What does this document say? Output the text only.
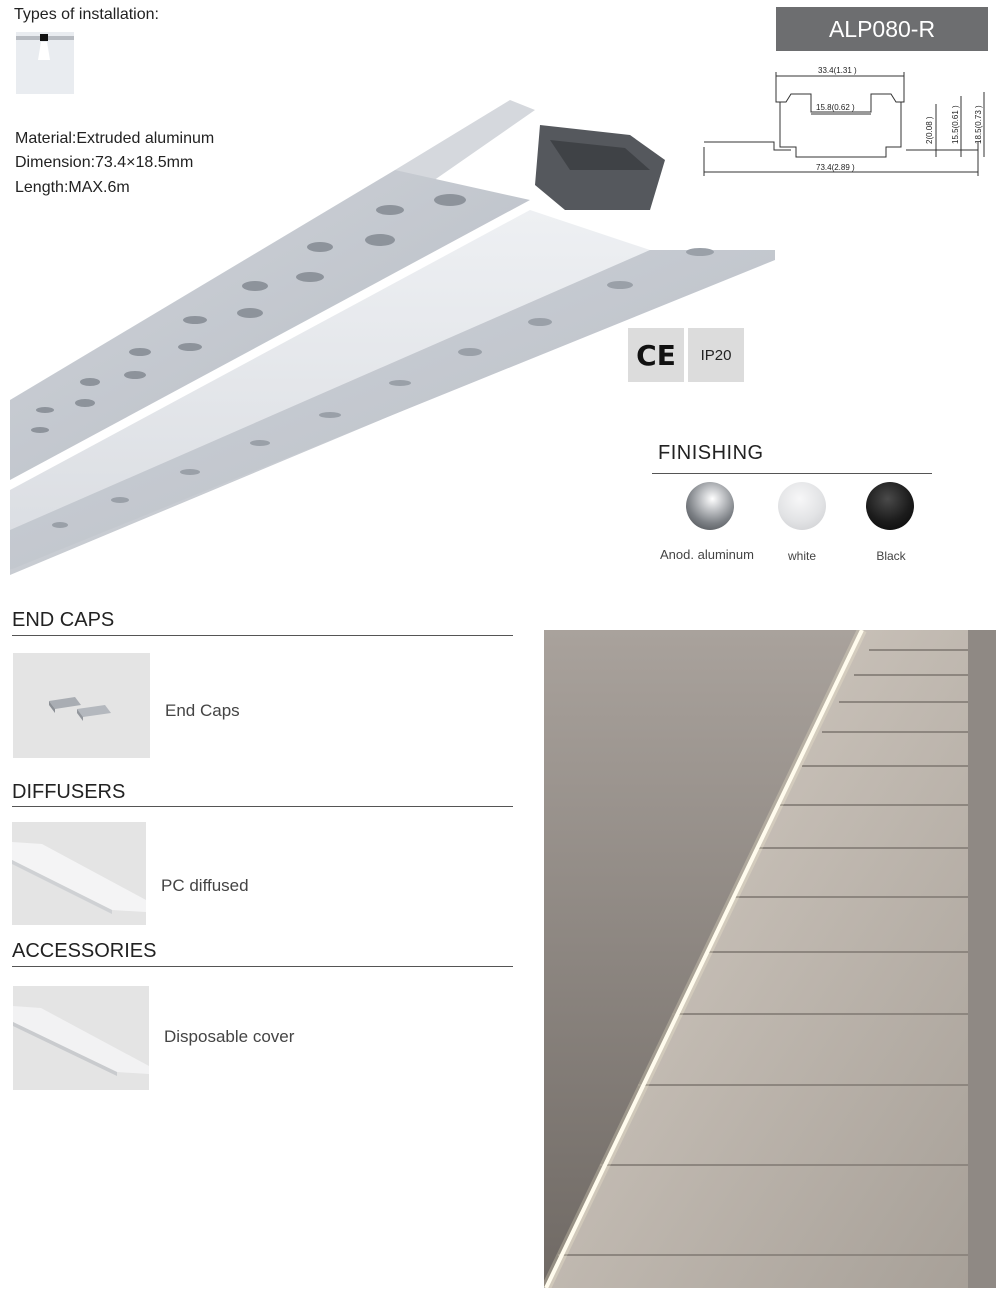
Types of installation:
Material:Extruded aluminum
Dimension:73.4×18.5mm
Length:MAX.6m
ALP080-R
33.4(1.31 )
15.8(0.62 )
73.4(2.89 )
2(0.08 ) 15.5(0.61 ) 18.5(0.73 )
CE IP20
FINISHING
Anod. aluminum	white	Black
END CAPS
End Caps
DIFFUSERS
PC diffused
ACCESSORIES
Disposable cover
